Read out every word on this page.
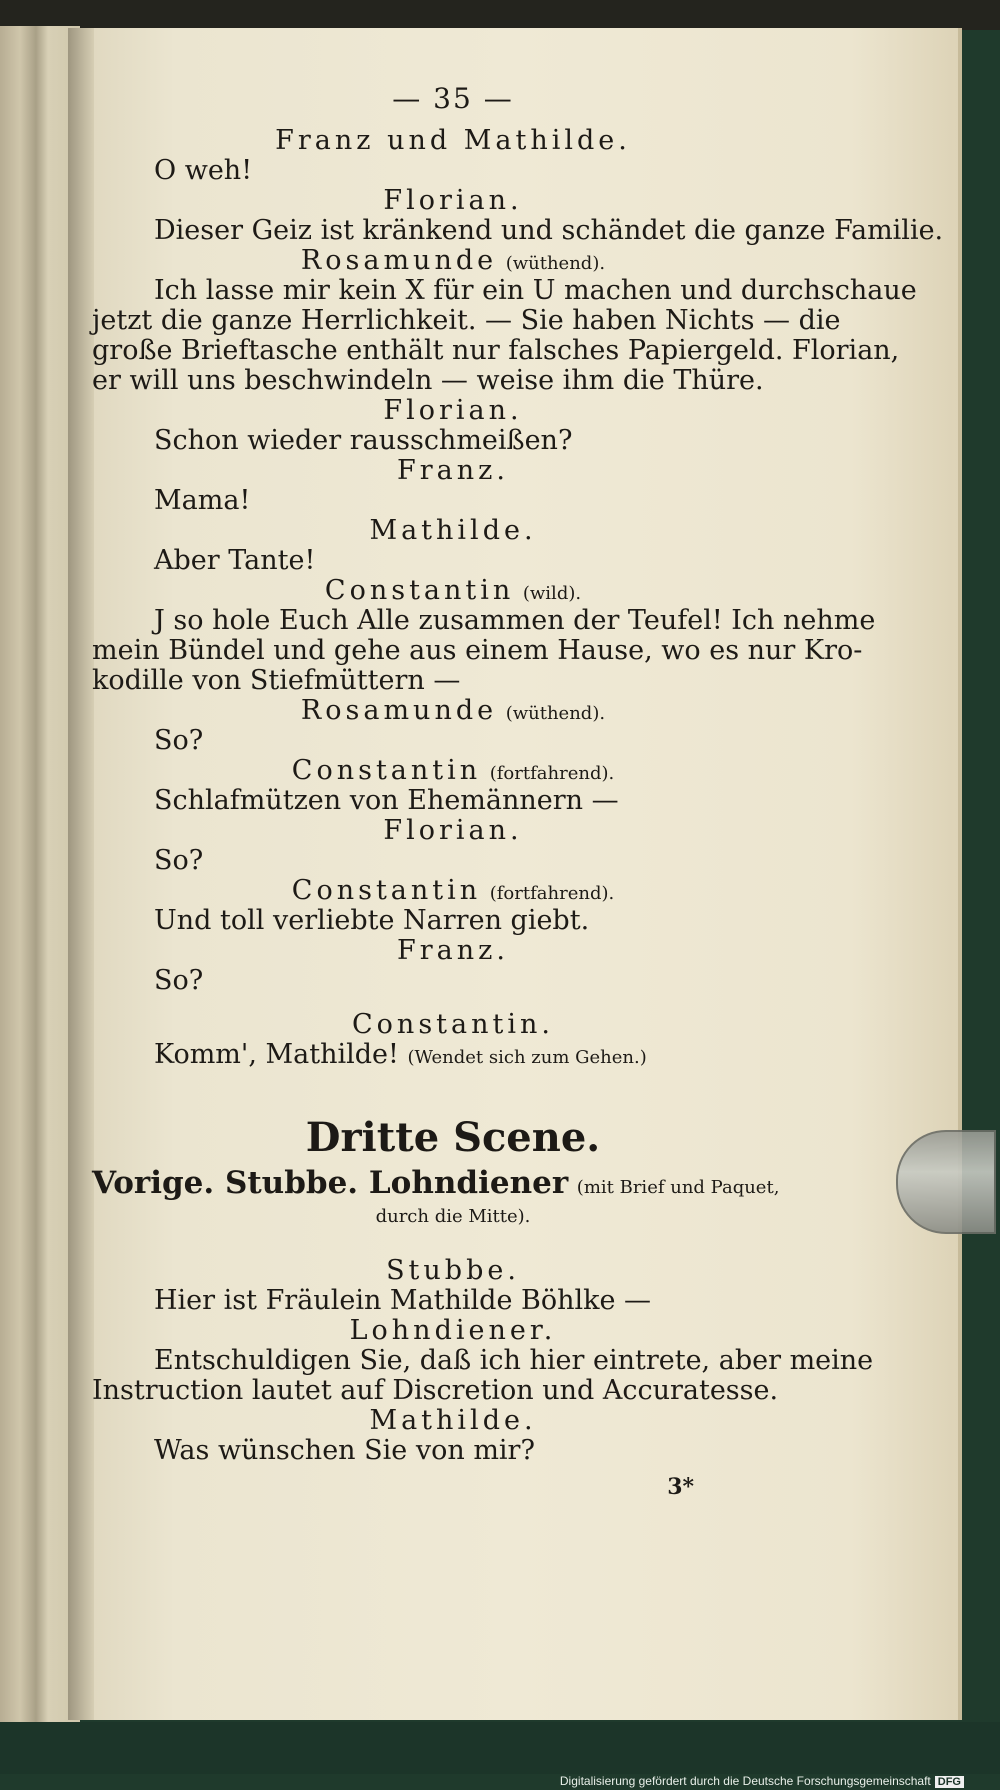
— 35 —
Franz und Mathilde.
O weh!
Florian.
Dieser Geiz ist kränkend und schändet die ganze Familie.
Rosamunde (wüthend).
Ich lasse mir kein X für ein U machen und durchschaue
jetzt die ganze Herrlichkeit. — Sie haben Nichts — die
große Brieftasche enthält nur falsches Papiergeld. Florian,
er will uns beschwindeln — weise ihm die Thüre.
Florian.
Schon wieder rausschmeißen?
Franz.
Mama!
Mathilde.
Aber Tante!
Constantin (wild).
J so hole Euch Alle zusammen der Teufel! Ich nehme
mein Bündel und gehe aus einem Hause, wo es nur Kro-
kodille von Stiefmüttern —
Rosamunde (wüthend).
So?
Constantin (fortfahrend).
Schlafmützen von Ehemännern —
Florian.
So?
Constantin (fortfahrend).
Und toll verliebte Narren giebt.
Franz.
So?
Constantin.
Komm', Mathilde! (Wendet sich zum Gehen.)
Dritte Scene.
Vorige. Stubbe. Lohndiener (mit Brief und Paquet,
durch die Mitte).
Stubbe.
Hier ist Fräulein Mathilde Böhlke —
Lohndiener.
Entschuldigen Sie, daß ich hier eintrete, aber meine
Instruction lautet auf Discretion und Accuratesse.
Mathilde.
Was wünschen Sie von mir?
3*
Digitalisierung gefördert durch die Deutsche Forschungsgemeinschaft DFG
